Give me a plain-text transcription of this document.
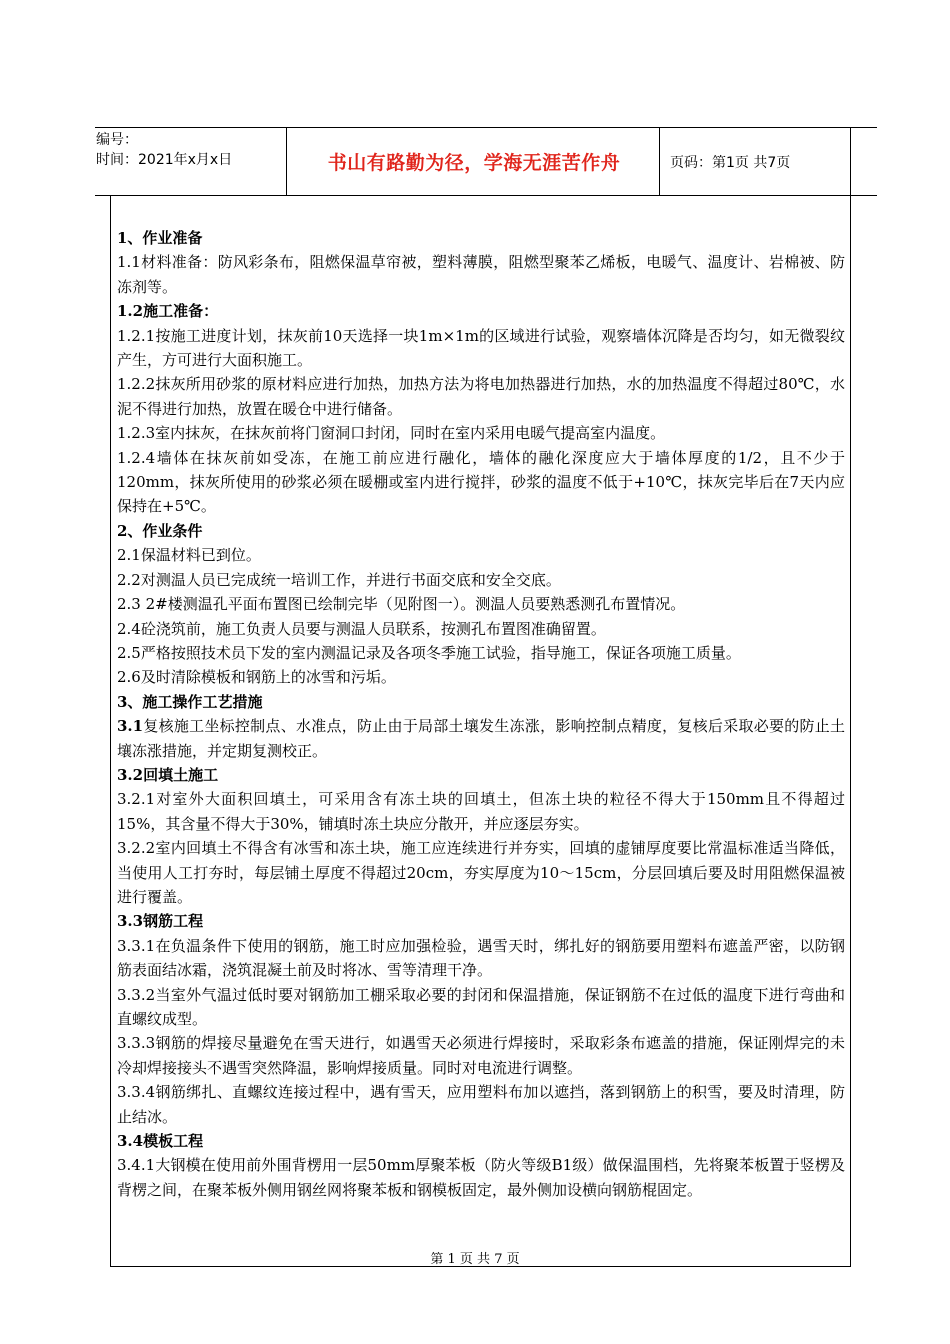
编号：
时间：2021年x月x日	书山有路勤为径，学海无涯苦作舟	页码：第1页 共7页

1、作业准备

1.1材料准备：防风彩条布，阻燃保温草帘被，塑料薄膜，阻燃型聚苯乙烯板，电暖气、温度计、岩棉被、防冻剂等。

1.2施工准备：

1.2.1按施工进度计划，抹灰前10天选择一块1m×1m的区域进行试验，观察墙体沉降是否均匀，如无微裂纹产生，方可进行大面积施工。

1.2.2抹灰所用砂浆的原材料应进行加热，加热方法为将电加热器进行加热，水的加热温度不得超过80℃，水泥不得进行加热，放置在暖仓中进行储备。

1.2.3室内抹灰，在抹灰前将门窗洞口封闭，同时在室内采用电暖气提高室内温度。

1.2.4墙体在抹灰前如受冻，在施工前应进行融化，墙体的融化深度应大于墙体厚度的1/2，且不少于120mm，抹灰所使用的砂浆必须在暖棚或室内进行搅拌，砂浆的温度不低于+10℃，抹灰完毕后在7天内应保持在+5℃。

2、作业条件

2.1保温材料已到位。

2.2对测温人员已完成统一培训工作，并进行书面交底和安全交底。

2.3 2#楼测温孔平面布置图已绘制完毕（见附图一）。测温人员要熟悉测孔布置情况。

2.4砼浇筑前，施工负责人员要与测温人员联系，按测孔布置图准确留置。

2.5严格按照技术员下发的室内测温记录及各项冬季施工试验，指导施工，保证各项施工质量。

2.6及时清除模板和钢筋上的冰雪和污垢。

3、施工操作工艺措施

3.1复核施工坐标控制点、水准点，防止由于局部土壤发生冻涨，影响控制点精度，复核后采取必要的防止土壤冻涨措施，并定期复测校正。

3.2回填土施工

3.2.1对室外大面积回填土，可采用含有冻土块的回填土，但冻土块的粒径不得大于150mm且不得超过15%，其含量不得大于30%，铺填时冻土块应分散开，并应逐层夯实。

3.2.2室内回填土不得含有冰雪和冻土块，施工应连续进行并夯实，回填的虚铺厚度要比常温标准适当降低，当使用人工打夯时，每层铺土厚度不得超过20cm，夯实厚度为10～15cm，分层回填后要及时用阻燃保温被进行覆盖。

3.3钢筋工程

3.3.1在负温条件下使用的钢筋，施工时应加强检验，遇雪天时，绑扎好的钢筋要用塑料布遮盖严密，以防钢筋表面结冰霜，浇筑混凝土前及时将冰、雪等清理干净。

3.3.2当室外气温过低时要对钢筋加工棚采取必要的封闭和保温措施，保证钢筋不在过低的温度下进行弯曲和直螺纹成型。

3.3.3钢筋的焊接尽量避免在雪天进行，如遇雪天必须进行焊接时，采取彩条布遮盖的措施，保证刚焊完的未冷却焊接接头不遇雪突然降温，影响焊接质量。同时对电流进行调整。

3.3.4钢筋绑扎、直螺纹连接过程中，遇有雪天，应用塑料布加以遮挡，落到钢筋上的积雪，要及时清理，防止结冰。

3.4模板工程

3.4.1大钢模在使用前外围背楞用一层50mm厚聚苯板（防火等级B1级）做保温围档，先将聚苯板置于竖楞及背楞之间，在聚苯板外侧用钢丝网将聚苯板和钢模板固定，最外侧加设横向钢筋棍固定。

第 1 页 共 7 页
